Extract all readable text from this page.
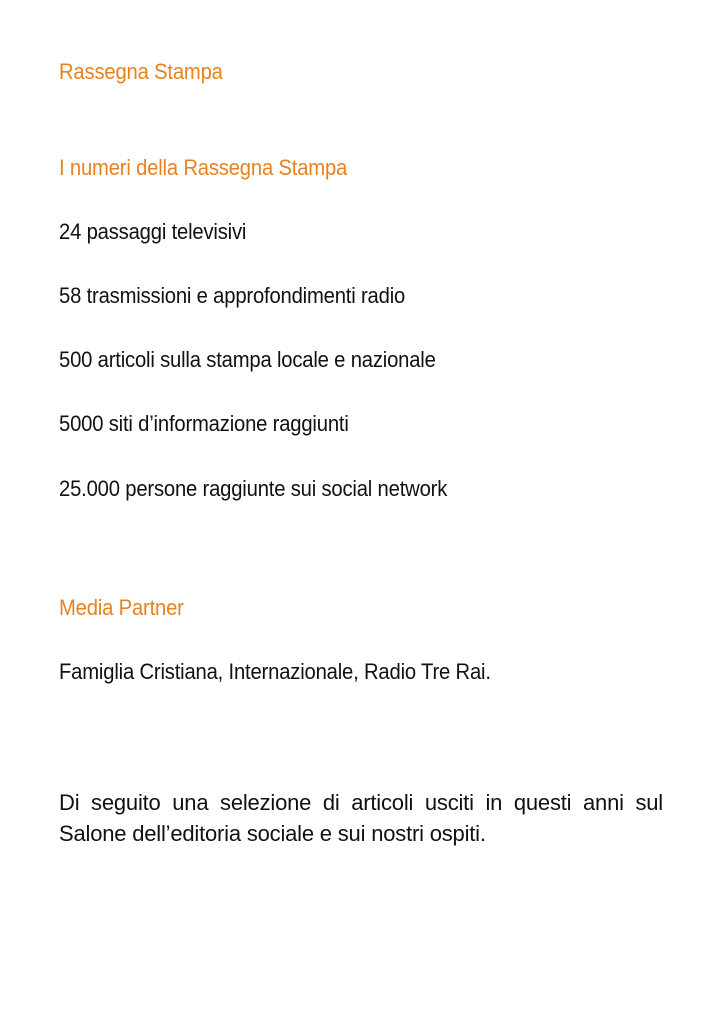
Rassegna Stampa

I numeri della Rassegna Stampa

24 passaggi televisivi

58 trasmissioni e approfondimenti radio

500 articoli sulla stampa locale e nazionale

5000 siti d’informazione raggiunti

25.000 persone raggiunte sui social network

Media Partner

Famiglia Cristiana, Internazionale, Radio Tre Rai.

Di seguito una selezione di articoli usciti in questi anni sul Salone dell’editoria sociale e sui nostri ospiti.
